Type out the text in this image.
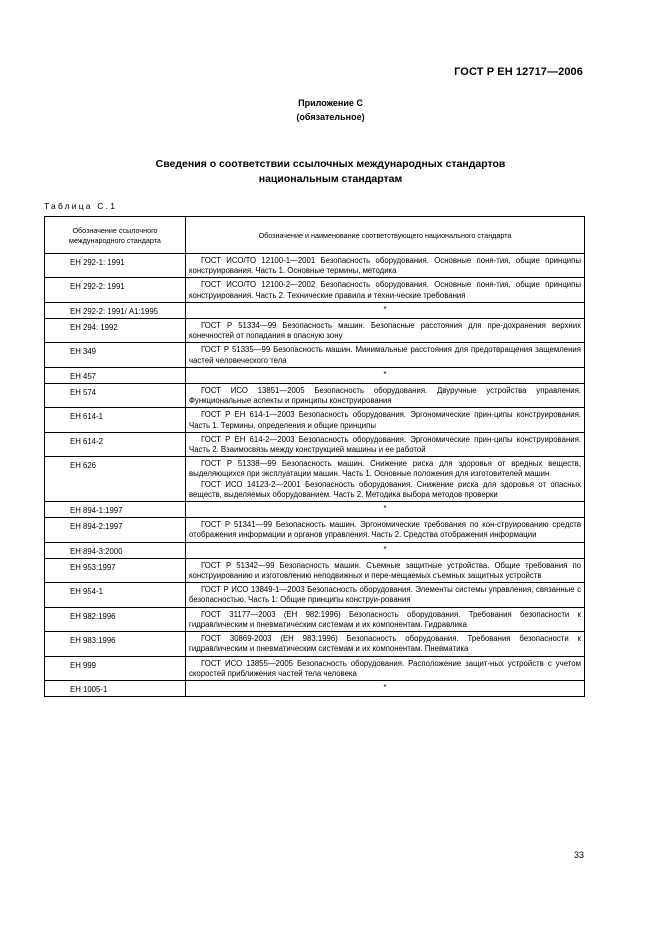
ГОСТ Р ЕН 12717—2006
Приложение С
(обязательное)
Сведения о соответствии ссылочных международных стандартов
национальным стандартам
Таблица С.1
Обозначение ссылочного международного стандарта	Обозначение и наименование соответствующего национального стандарта
ЕН 292-1: 1991	ГОСТ ИСО/ТО 12100-1—2001 Безопасность оборудования. Основные поня-тия, общие принципы конструирования. Часть 1. Основные термины, методика

ЕН 292-2: 1991	ГОСТ ИСО/ТО 12100-2—2002 Безопасность оборудования. Основные поня-тия, общие принципы конструирования. Часть 2. Технические правила и техни-ческие требования

ЕН 292-2: 1991/ А1:1995	*
ЕН 294: 1992	ГОСТ Р 51334—99 Безопасность машин. Безопасные расстояния для пре-дохранения верхних конечностей от попадания в опасную зону

ЕН 349	ГОСТ Р 51335—99 Безопасность машин. Минимальные расстояния для предотвращения защемления частей человеческого тела

ЕН 457	*
ЕН 574	ГОСТ ИСО 13851—2005 Безопасность оборудования. Двуручные устройства управления. Функциональные аспекты и принципы конструирования

ЕН 614-1	ГОСТ Р ЕН 614-1—2003 Безопасность оборудования. Эргономические прин-ципы конструирования. Часть 1. Термины, определения и общие принципы

ЕН 614-2	ГОСТ Р ЕН 614-2—2003 Безопасность оборудования. Эргономические прин-ципы конструирования. Часть 2. Взаимосвязь между конструкцией машины и ее работой

ЕН 626	ГОСТ Р 51338—99 Безопасность машин. Снижение риска для здоровья от вредных веществ, выделяющихся при эксплуатации машин. Часть 1. Основные положения для изготовителей машин

ГОСТ ИСО 14123-2—2001 Безопасность оборудования. Снижение риска для здоровья от опасных веществ, выделяемых оборудованием. Часть 2. Методика выбора методов проверки

ЕН 894-1:1997	*
ЕН 894-2:1997	ГОСТ Р 51341—99 Безопасность машин. Эргономические требования по кон-струированию средств отображения информации и органов управления. Часть 2. Средства отображения информации

ЕН 894-3:2000	*
ЕН 953:1997	ГОСТ Р 51342—99 Безопасность машин. Съемные защитные устройства. Общие требования по конструированию и изготовлению неподвижных и пере-мещаемых съемных защитных устройств

ЕН 954-1	ГОСТ Р ИСО 13849-1—2003 Безопасность оборудования. Элементы системы управления, связанные с безопасностью. Часть 1: Общие принципы конструи-рования

ЕН 982:1996	ГОСТ 31177—2003 (ЕН 982:1996) Безопасность оборудования. Требования безопасности к гидравлическим и пневматическим системам и их компонентам. Гидравлика

ЕН 983:1996	ГОСТ 30869-2003 (ЕН 983:1996) Безопасность оборудования. Требования безопасности к гидравлическим и пневматическим системам и их компонентам. Пневматика

ЕН 999	ГОСТ ИСО 13855—2005 Безопасность оборудования. Расположение защит-ных устройств с учетом скоростей приближения частей тела человека

ЕН 1005-1	*
33
